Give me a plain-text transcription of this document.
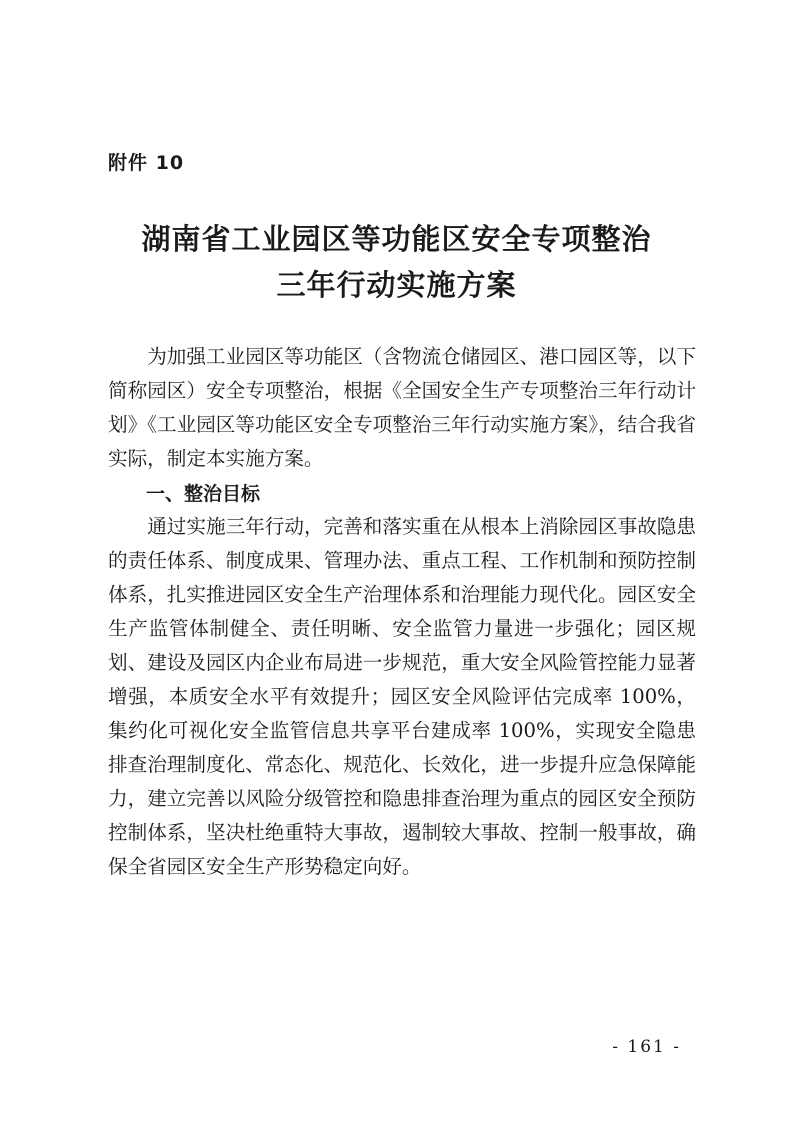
附件 10
湖南省工业园区等功能区安全专项整治
三年行动实施方案

为加强工业园区等功能区（含物流仓储园区、港口园区等，以下简称园区）安全专项整治，根据《全国安全生产专项整治三年行动计划》《工业园区等功能区安全专项整治三年行动实施方案》，结合我省实际，制定本实施方案。

一、整治目标

通过实施三年行动，完善和落实重在从根本上消除园区事故隐患的责任体系、制度成果、管理办法、重点工程、工作机制和预防控制体系，扎实推进园区安全生产治理体系和治理能力现代化。园区安全生产监管体制健全、责任明晰、安全监管力量进一步强化；园区规划、建设及园区内企业布局进一步规范，重大安全风险管控能力显著增强，本质安全水平有效提升；园区安全风险评估完成率 100%，集约化可视化安全监管信息共享平台建成率 100%，实现安全隐患排查治理制度化、常态化、规范化、长效化，进一步提升应急保障能力，建立完善以风险分级管控和隐患排查治理为重点的园区安全预防控制体系，坚决杜绝重特大事故，遏制较大事故、控制一般事故，确保全省园区安全生产形势稳定向好。

- 161 -
